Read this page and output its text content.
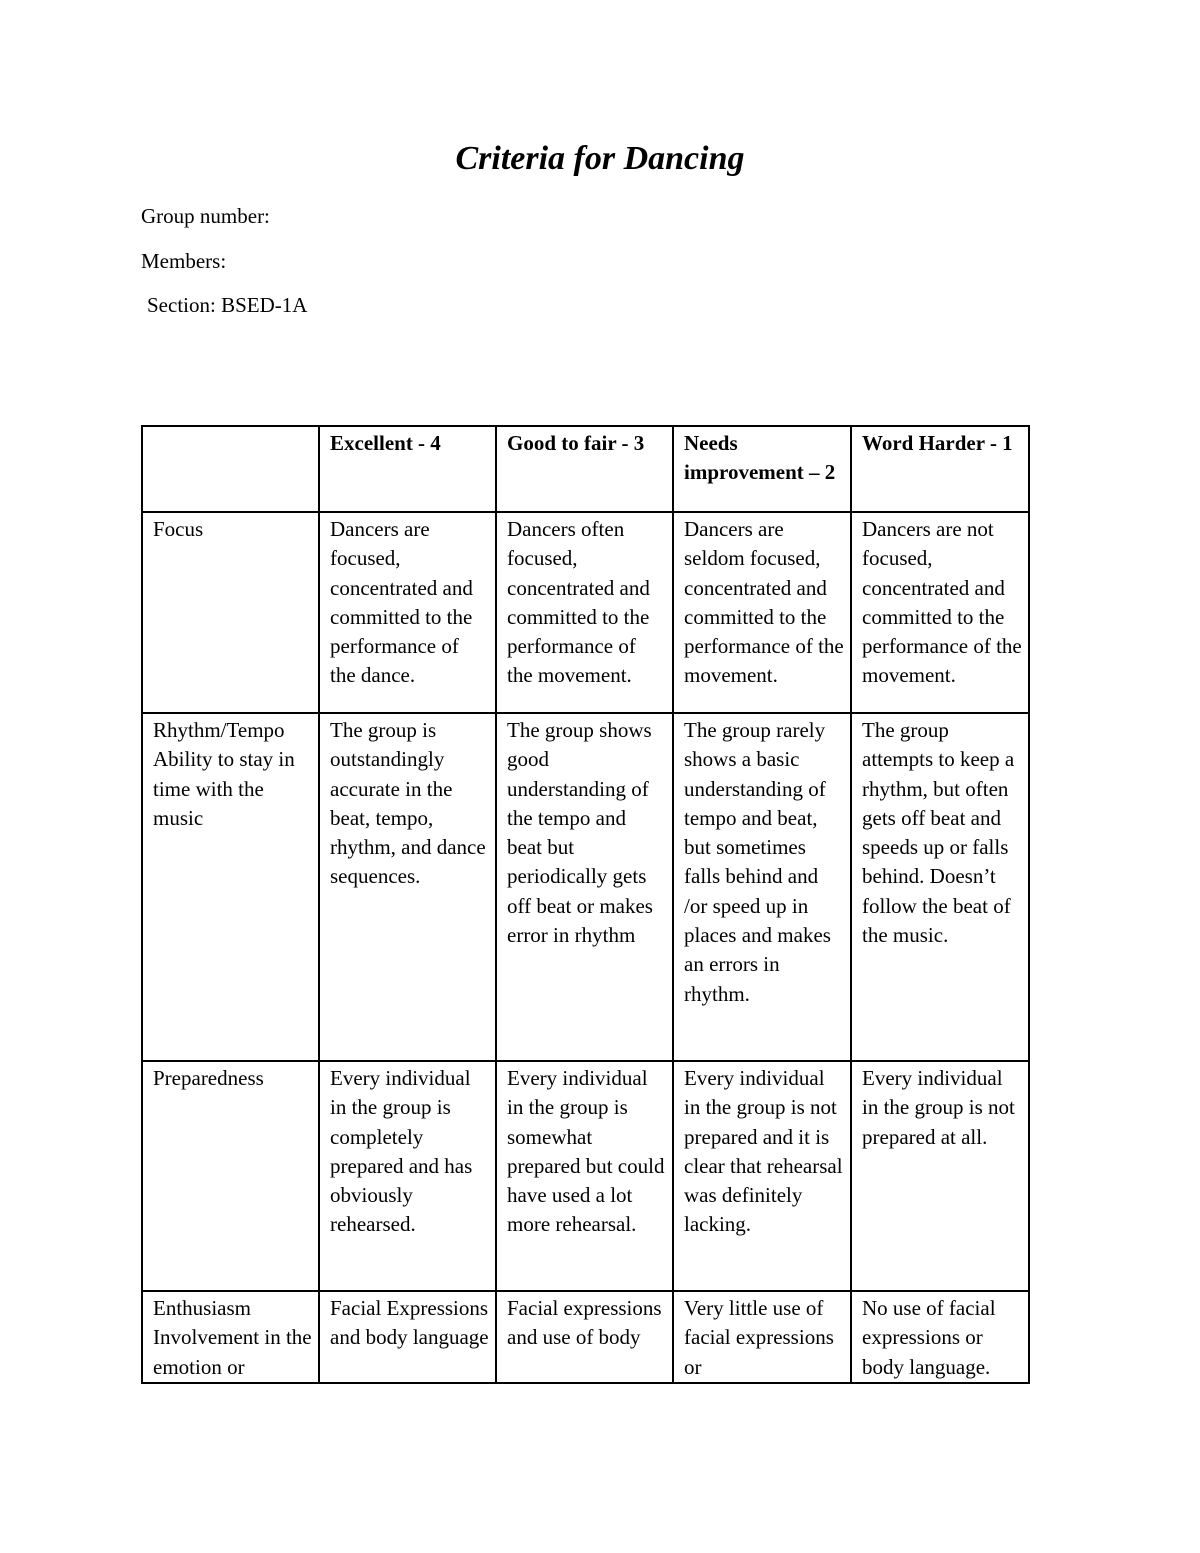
Criteria for Dancing

Group number:

Members:

Section: BSED-1A

	Excellent - 4	Good to fair - 3	Needs improvement – 2	Word Harder - 1
Focus	Dancers are focused, concentrated and committed to the performance of the dance.	Dancers often focused, concentrated and committed to the performance of the movement.	Dancers are seldom focused, concentrated and committed to the performance of the movement.	Dancers are not focused, concentrated and committed to the performance of the movement.
Rhythm/Tempo Ability to stay in time with the music	The group is outstandingly accurate in the beat, tempo, rhythm, and dance sequences.	The group shows good understanding of the tempo and beat but periodically gets off beat or makes error in rhythm	The group rarely shows a basic understanding of tempo and beat, but sometimes falls behind and /or speed up in places and makes an errors in rhythm.	The group attempts to keep a rhythm, but often gets off beat and speeds up or falls behind. Doesn’t follow the beat of the music.
Preparedness	Every individual in the group is completely prepared and has obviously rehearsed.	Every individual in the group is somewhat prepared but could have used a lot more rehearsal.	Every individual in the group is not prepared and it is clear that rehearsal was definitely lacking.	Every individual in the group is not prepared at all.
Enthusiasm Involvement in the emotion or	Facial Expressions and body language	Facial expressions and use of body	Very little use of facial expressions or	No use of facial expressions or body language.
